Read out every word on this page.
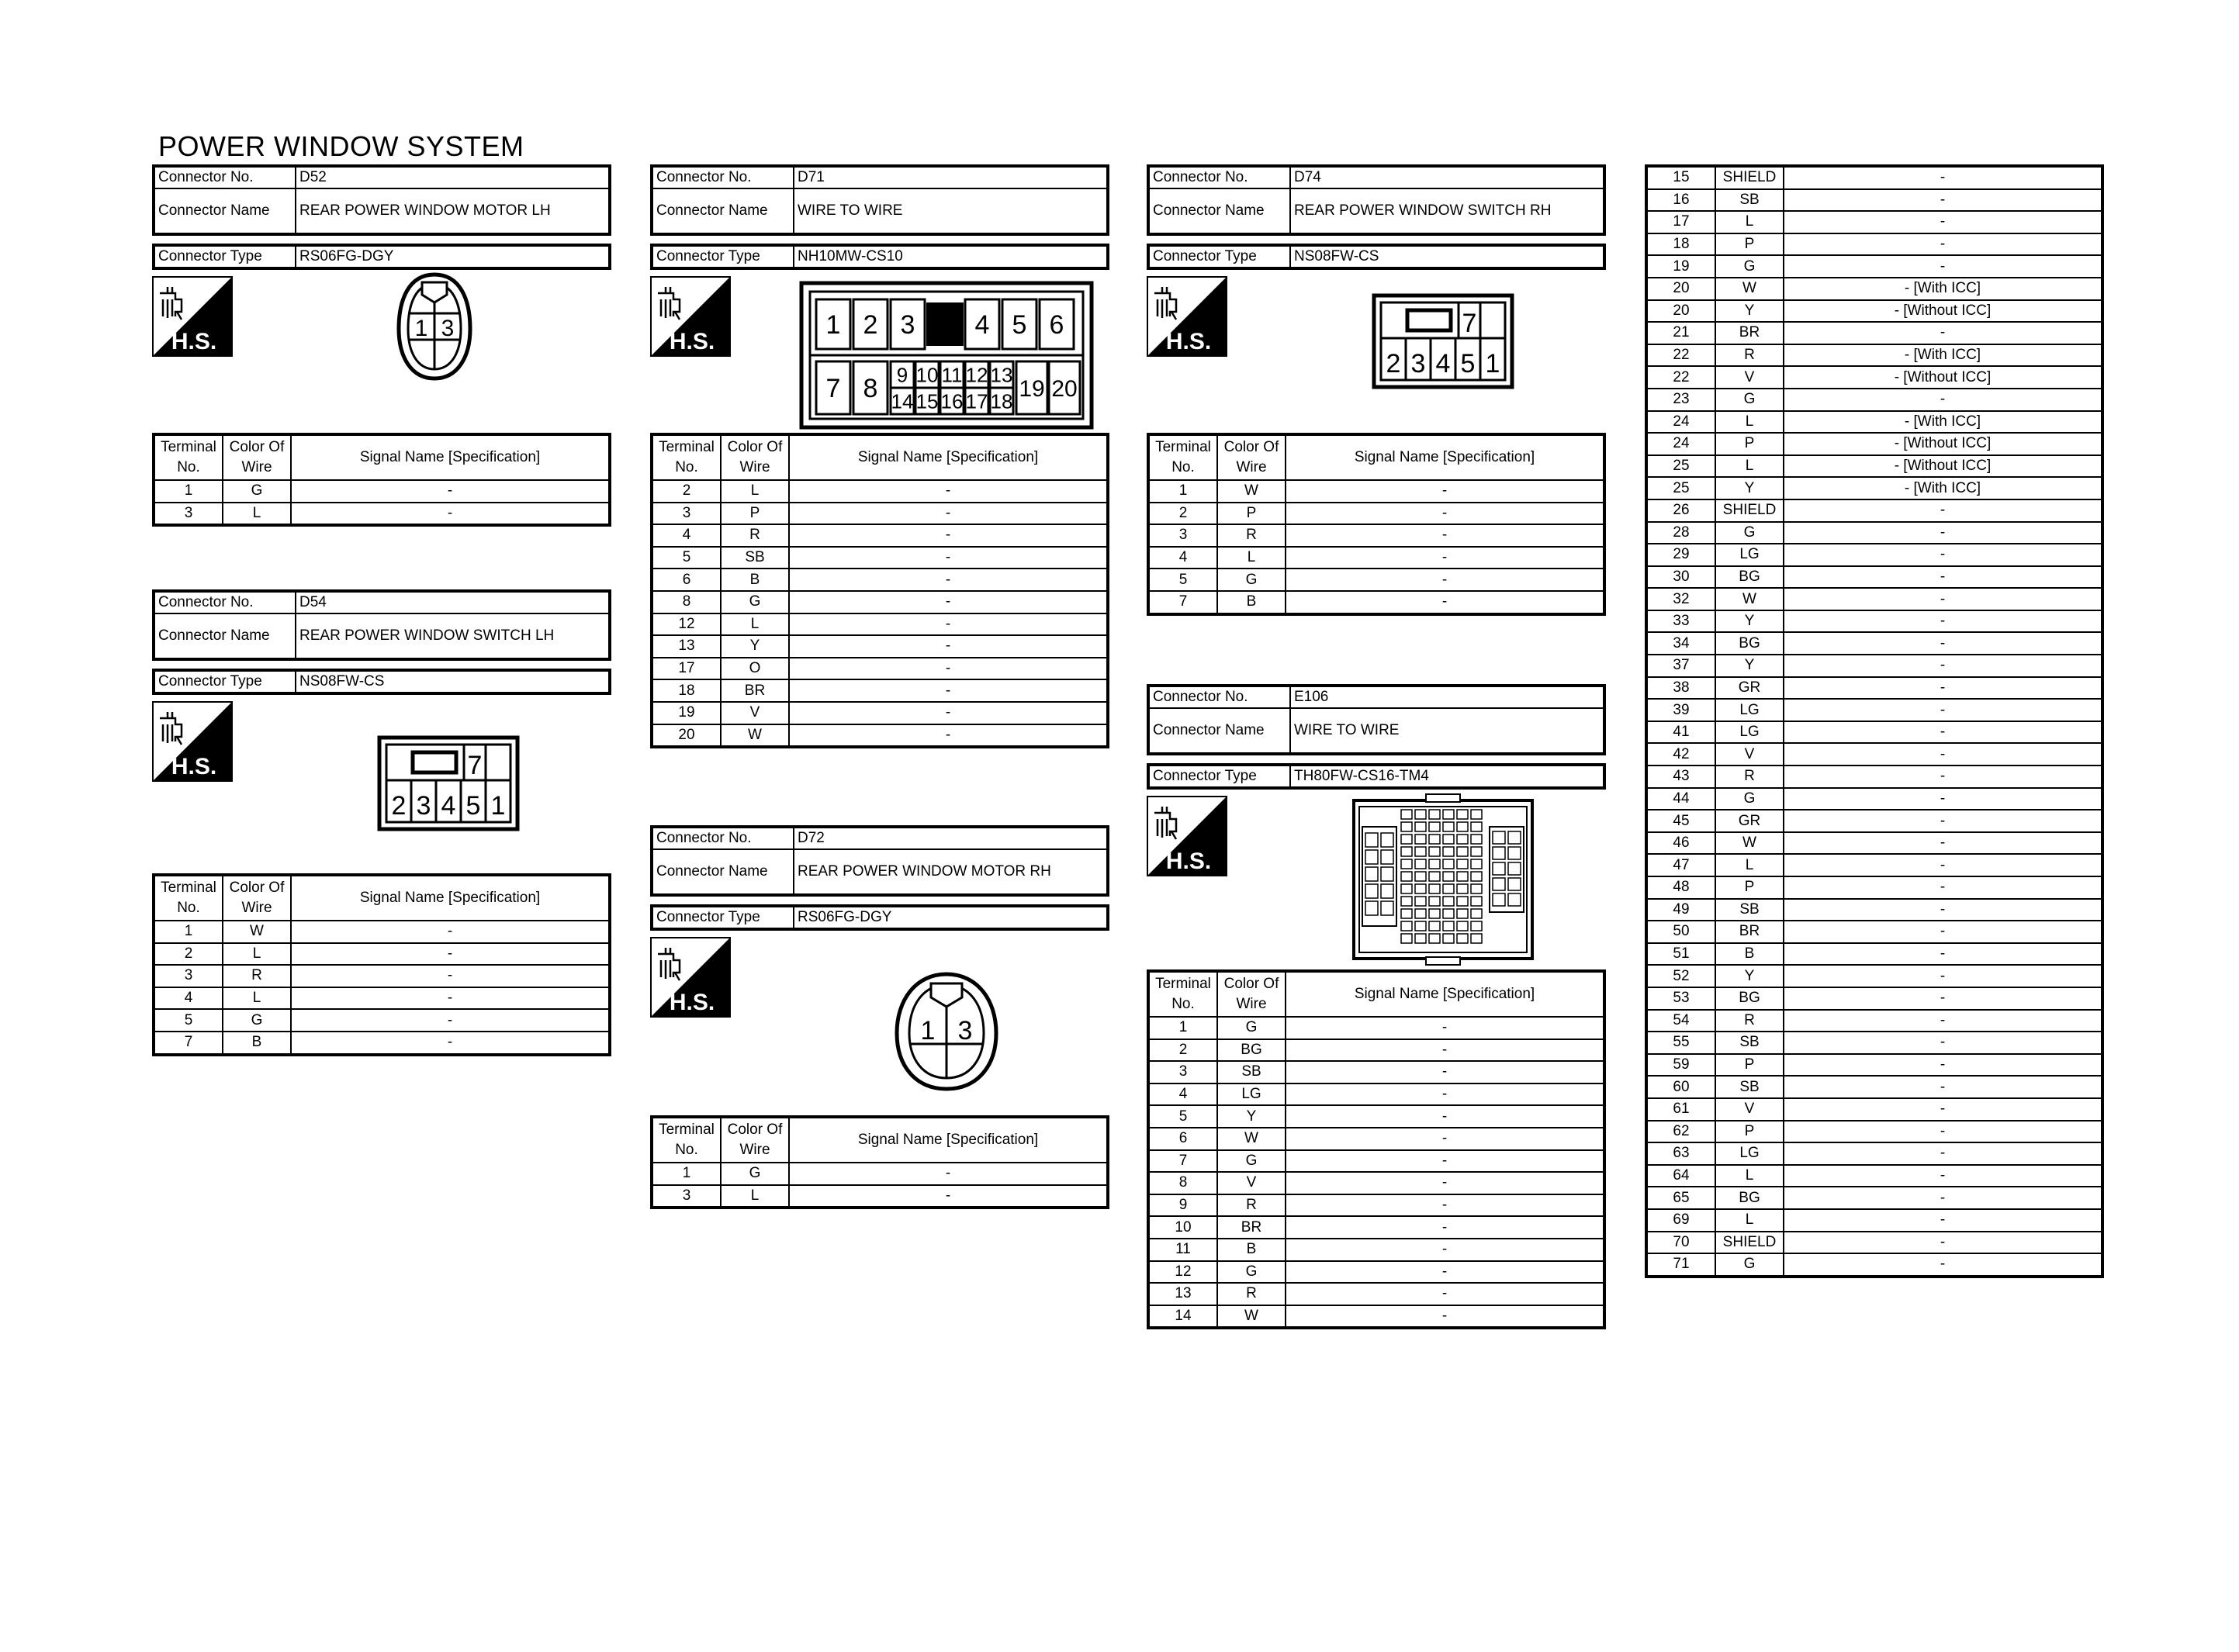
POWER WINDOW SYSTEM
Connector No.	D52
Connector Name	REAR POWER WINDOW MOTOR LH
Connector Type	RS06FG-DGY
H.S.
1 3
Terminal
No.	Color Of
Wire	Signal Name [Specification]
1	G	-
3	L	-
Connector No.	D54
Connector Name	REAR POWER WINDOW SWITCH LH
Connector Type	NS08FW-CS
H.S.	7
2 3 4 5 1
Terminal
No.	Color Of
Wire	Signal Name [Specification]
1	W	-
2	L	-
3	R	-
4	L	-
5	G	-
7	B	-
Connector No.	D71
Connector Name	WIRE TO WIRE
Connector Type	NH10MW-CS10
H.S.
1 2 3 4 5 6
7 8 9
14
10
15
11
16
12
17
13
18 19 20
Terminal
No.	Color Of
Wire	Signal Name [Specification]
2	L	-
3	P	-
4	R	-
5	SB	-
6	B	-
8	G	-
12	L	-
13	Y	-
17	O	-
18	BR	-
19	V	-
20	W	-
Connector No.	D72
Connector Name	REAR POWER WINDOW MOTOR RH
Connector Type	RS06FG-DGY
H.S.
1 3
Terminal
No.	Color Of
Wire	Signal Name [Specification]
1	G	-
3	L	-
Connector No.	D74
Connector Name	REAR POWER WINDOW SWITCH RH
Connector Type	NS08FW-CS
H.S.
7
2 3 4 5 1
Terminal
No.	Color Of
Wire	Signal Name [Specification]
1	W	-
2	P	-
3	R	-
4	L	-
5	G	-
7	B	-
Connector No.	E106
Connector Name	WIRE TO WIRE
Connector Type	TH80FW-CS16-TM4
H.S.
Terminal
No.	Color Of
Wire	Signal Name [Specification]
1	G	-
2	BG	-
3	SB	-
4	LG	-
5	Y	-
6	W	-
7	G	-
8	V	-
9	R	-
10	BR	-
11	B	-
12	G	-
13	R	-
14	W	-
15	SHIELD	-
16	SB	-
17	L	-
18	P	-
19	G	-
20	W	- [With ICC]
20	Y	- [Without ICC]
21	BR	-
22	R	- [With ICC]
22	V	- [Without ICC]
23	G	-
24	L	- [With ICC]
24	P	- [Without ICC]
25	L	- [Without ICC]
25	Y	- [With ICC]
26	SHIELD	-
28	G	-
29	LG	-
30	BG	-
32	W	-
33	Y	-
34	BG	-
37	Y	-
38	GR	-
39	LG	-
41	LG	-
42	V	-
43	R	-
44	G	-
45	GR	-
46	W	-
47	L	-
48	P	-
49	SB	-
50	BR	-
51	B	-
52	Y	-
53	BG	-
54	R	-
55	SB	-
59	P	-
60	SB	-
61	V	-
62	P	-
63	LG	-
64	L	-
65	BG	-
69	L	-
70	SHIELD	-
71	G	-
